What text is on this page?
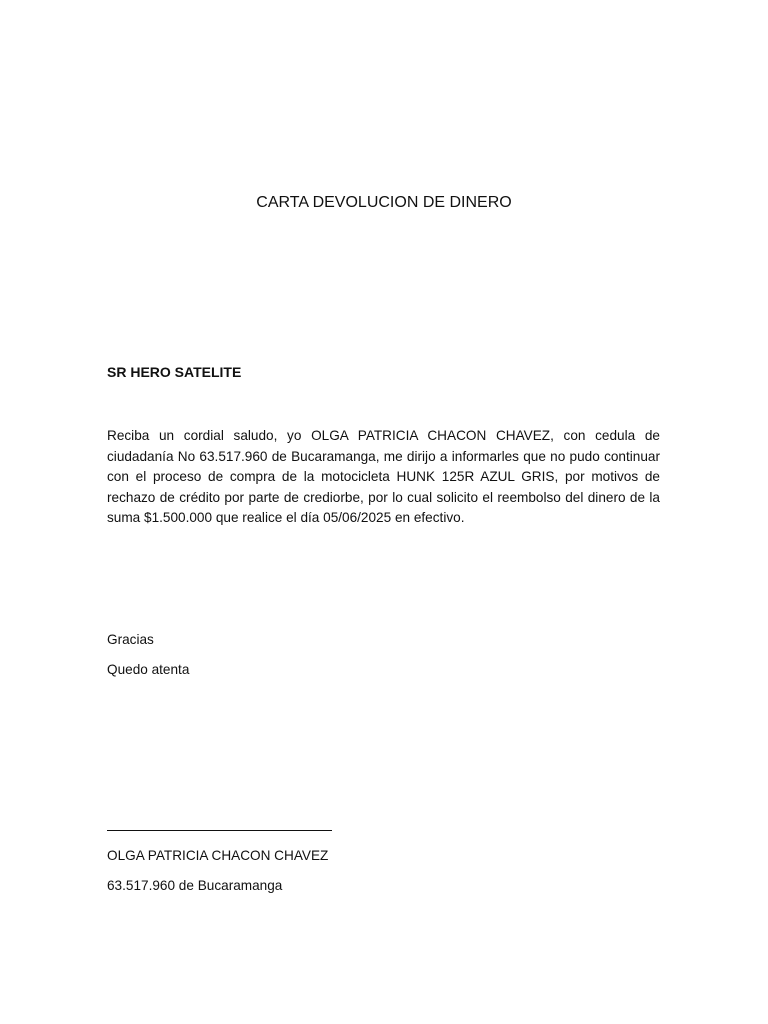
CARTA DEVOLUCION DE DINERO
SR HERO SATELITE
Reciba un cordial saludo, yo OLGA PATRICIA CHACON CHAVEZ, con cedula de ciudadanía No 63.517.960 de Bucaramanga, me dirijo a informarles que no pudo continuar con el proceso de compra de la motocicleta HUNK 125R AZUL GRIS, por motivos de rechazo de crédito por parte de crediorbe, por lo cual solicito el reembolso del dinero de la suma $1.500.000 que realice el día 05/06/2025 en efectivo.
Gracias
Quedo atenta
OLGA PATRICIA CHACON CHAVEZ
63.517.960 de Bucaramanga
